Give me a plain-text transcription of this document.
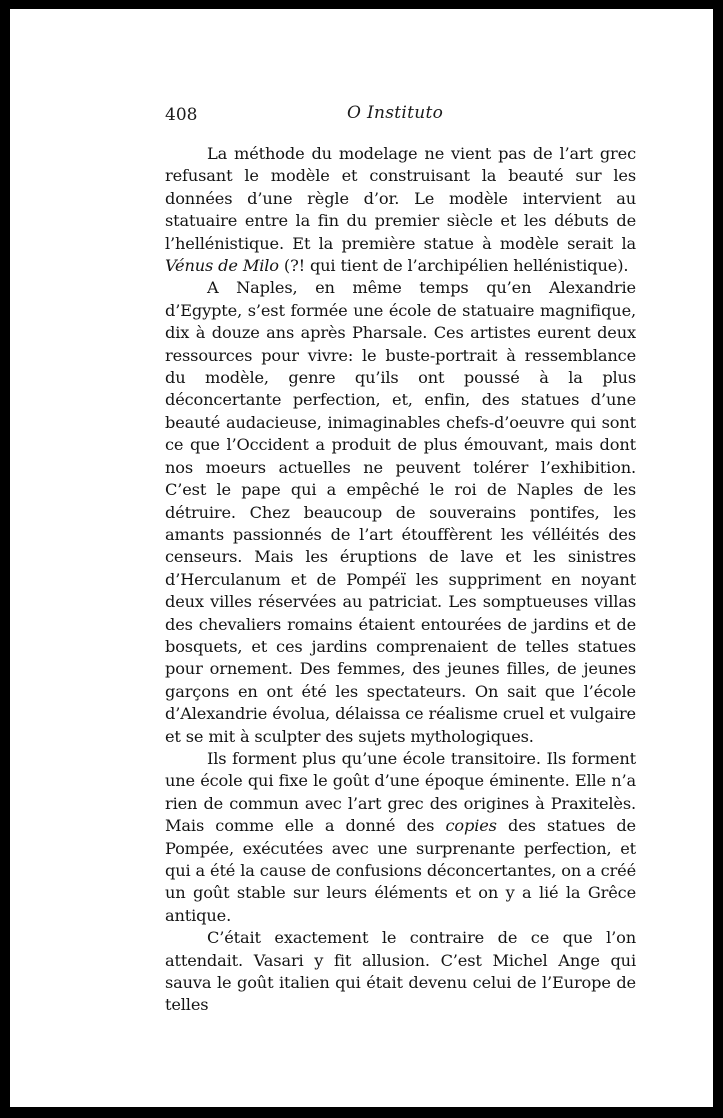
408	O Instituto

La méthode du modelage ne vient pas de l’art grec refusant le modèle et construisant la beauté sur les données d’une règle d’or. Le modèle intervient au statuaire entre la fin du premier siècle et les débuts de l’hellénistique. Et la première statue à modèle serait la Vénus de Milo (?! qui tient de l’archipélien hellénistique).

A Naples, en même temps qu’en Alexandrie d’Egypte, s’est formée une école de statuaire magnifique, dix à douze ans après Pharsale. Ces artistes eurent deux ressources pour vivre: le buste-portrait à ressemblance du modèle, genre qu’ils ont poussé à la plus déconcertante perfection, et, enfin, des statues d’une beauté audacieuse, inimaginables chefs-d’oeuvre qui sont ce que l’Occident a produit de plus émouvant, mais dont nos moeurs actuelles ne peuvent tolérer l’exhibition. C’est le pape qui a empêché le roi de Naples de les détruire. Chez beaucoup de souverains pontifes, les amants passionnés de l’art étouffèrent les vélléités des censeurs. Mais les éruptions de lave et les sinistres d’Herculanum et de Pompéï les suppriment en noyant deux villes réservées au patriciat. Les somptueuses villas des chevaliers romains étaient entourées de jardins et de bosquets, et ces jardins comprenaient de telles statues pour ornement. Des femmes, des jeunes filles, de jeunes garçons en ont été les spectateurs. On sait que l’école d’Alexandrie évolua, délaissa ce réalisme cruel et vulgaire et se mit à sculpter des sujets mythologiques.

Ils forment plus qu’une école transitoire. Ils forment une école qui fixe le goût d’une époque éminente. Elle n’a rien de commun avec l’art grec des origines à Praxitelès. Mais comme elle a donné des copies des statues de Pompée, exécutées avec une surprenante perfection, et qui a été la cause de confusions déconcertantes, on a créé un goût stable sur leurs éléments et on y a lié la Grêce antique.

C’était exactement le contraire de ce que l’on attendait. Vasari y fit allusion. C’est Michel Ange qui sauva le goût italien qui était devenu celui de l’Europe de telles
